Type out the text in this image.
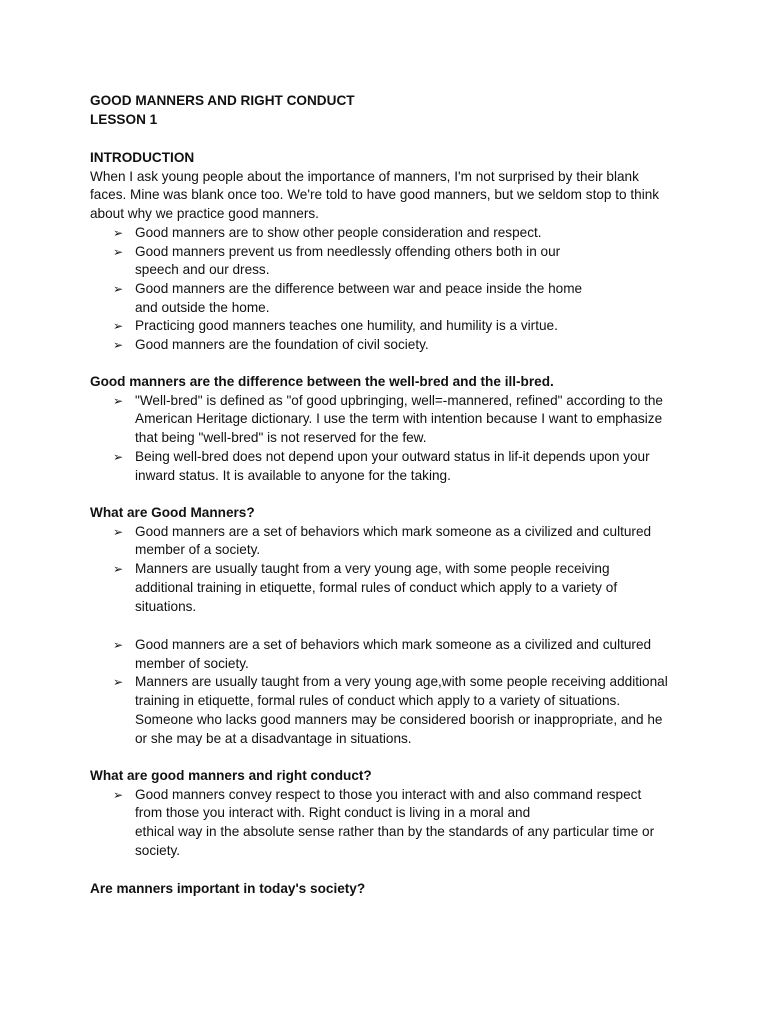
GOOD MANNERS AND RIGHT CONDUCT
LESSON 1
INTRODUCTION
When I ask young people about the importance of manners, I'm not surprised by their blank
faces. Mine was blank once too. We're told to have good manners, but we seldom stop to think
about why we practice good manners.
➢ Good manners are to show other people consideration and respect.
➢ Good manners prevent us from needlessly offending others both in our
speech and our dress.
➢ Good manners are the difference between war and peace inside the home
and outside the home.
➢ Practicing good manners teaches one humility, and humility is a virtue.
➢ Good manners are the foundation of civil society.
Good manners are the difference between the well-bred and the ill-bred.
➢ "Well-bred" is defined as "of good upbringing, well=-mannered, refined" according to the
American Heritage dictionary. I use the term with intention because I want to emphasize
that being "well-bred" is not reserved for the few.
➢ Being well-bred does not depend upon your outward status in lif-it depends upon your
inward status. It is available to anyone for the taking.
What are Good Manners?
➢ Good manners are a set of behaviors which mark someone as a civilized and cultured
member of a society.
➢ Manners are usually taught from a very young age, with some people receiving
additional training in etiquette, formal rules of conduct which apply to a variety of
situations.
➢ Good manners are a set of behaviors which mark someone as a civilized and cultured
member of society.
➢ Manners are usually taught from a very young age,with some people receiving additional
training in etiquette, formal rules of conduct which apply to a variety of situations.
Someone who lacks good manners may be considered boorish or inappropriate, and he
or she may be at a disadvantage in situations.
What are good manners and right conduct?
➢ Good manners convey respect to those you interact with and also command respect
from those you interact with. Right conduct is living in a moral and
ethical way in the absolute sense rather than by the standards of any particular time or
society.
Are manners important in today's society?
